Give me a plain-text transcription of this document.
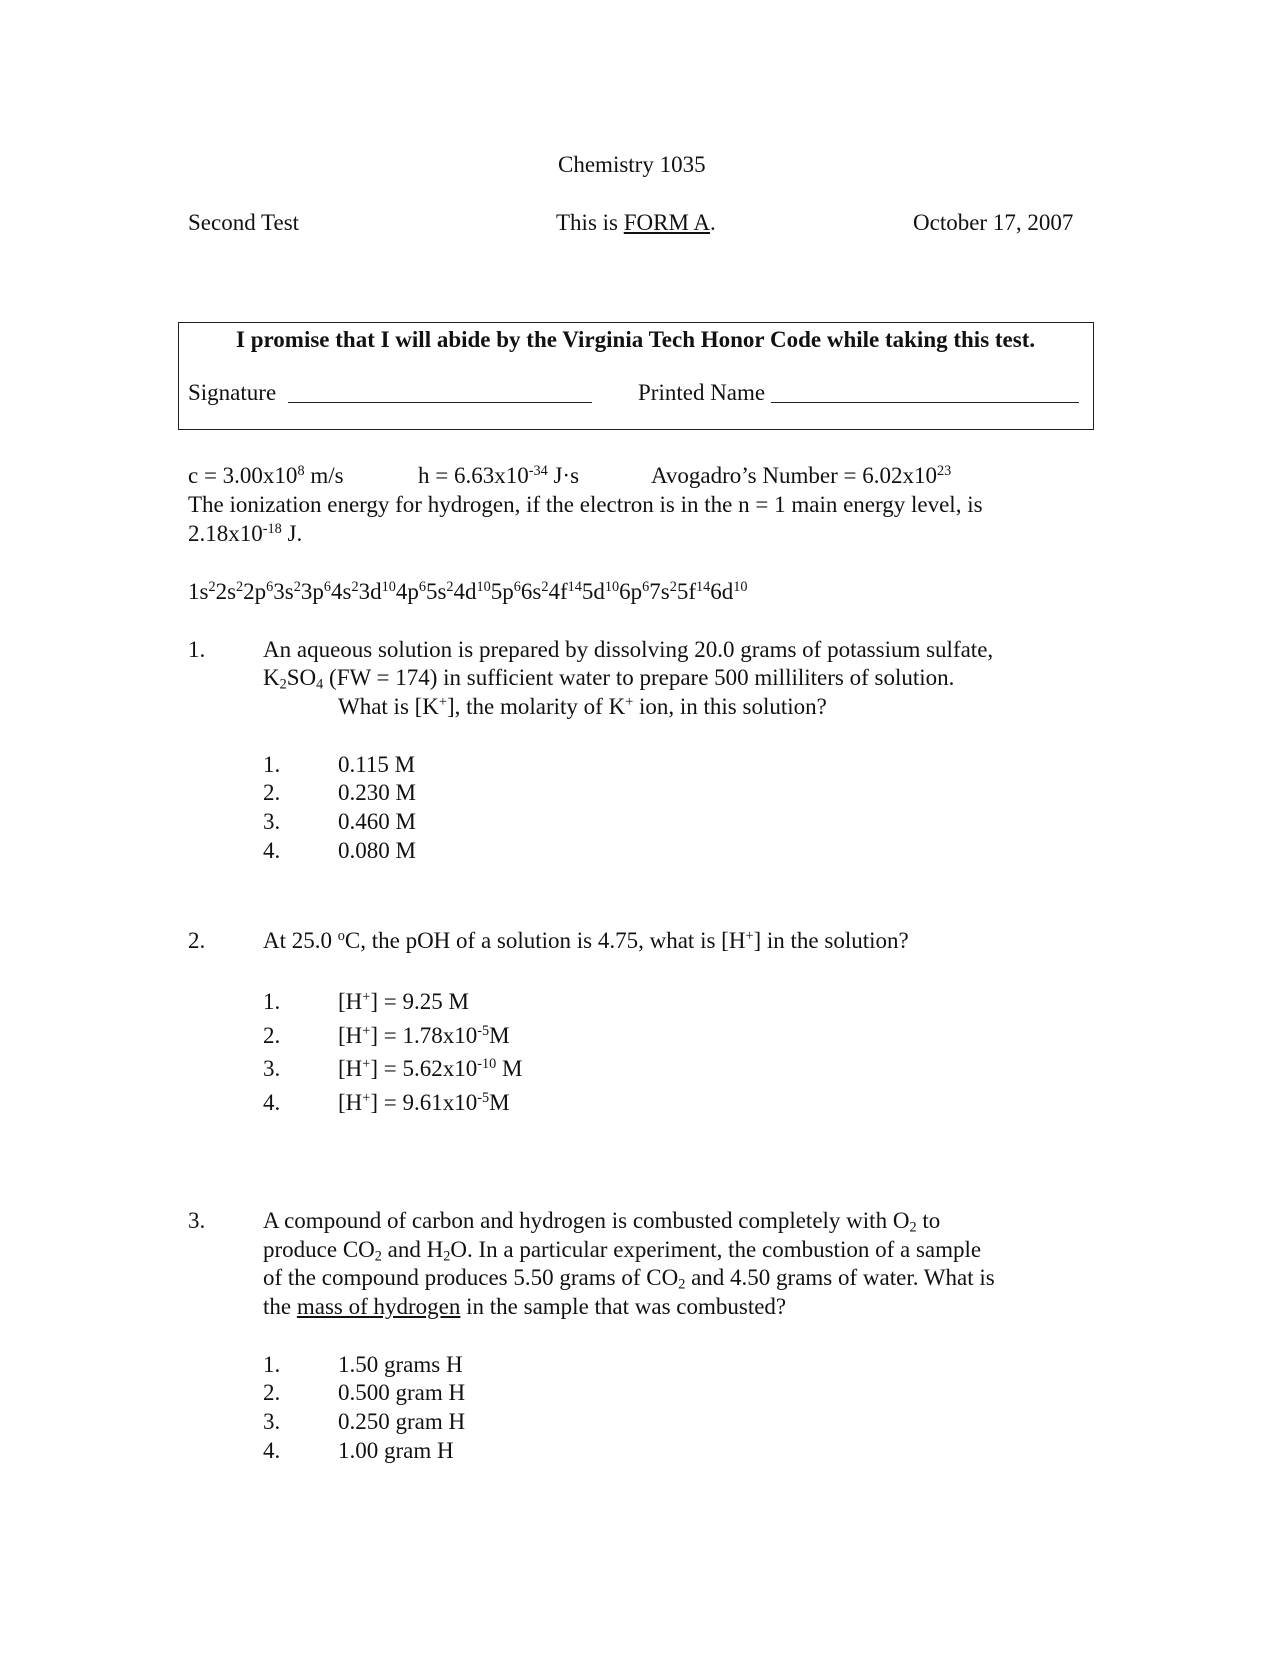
Chemistry 1035
Second Test	This is FORM A.	October 17, 2007
I promise that I will abide by the Virginia Tech Honor Code while taking this test.
Signature	Printed Name
$c = 3.00x10^8$ m/s	$h = 6.63x10^{-34}$ J·s	Avogadro’s Number = $6.02x10^{23}$
The ionization energy for hydrogen, if the electron is in the n = 1 main energy level, is
$2.18x10^{-18}$ J.
$1s^22s^22p^63s^23p^64s^23d^{10}4p^65s^24d^{10}5p^66s^24f^{14}5d^{10}6p^67s^25f^{14}6d^{10}$
1.	An aqueous solution is prepared by dissolving 20.0 grams of potassium sulfate,
$K_2SO_4$ (FW = 174) in sufficient water to prepare 500 milliliters of solution.
What is [K+], the molarity of K+ ion, in this solution?
1.	0.115 M
2.	0.230 M
3.	0.460 M
4.	0.080 M
2.	At 25.0 $^o$C, the pOH of a solution is 4.75, what is [H+] in the solution?
1.	[H+] = 9.25 M
2.	$[H^+] = 1.78x10^{-5}M$
3.	$[H^+] = 5.62x10^{-10}$ M
4.	$[H^+] = 9.61x10^{-5}M$
3.	A compound of carbon and hydrogen is combusted completely with $O_2$ to
produce $CO_2$ and $H_2O$. In a particular experiment, the combustion of a sample
of the compound produces 5.50 grams of $CO_2$ and 4.50 grams of water. What is
the mass of hydrogen in the sample that was combusted?
1.	1.50 grams H
2.	0.500 gram H
3.	0.250 gram H
4.	1.00 gram H
